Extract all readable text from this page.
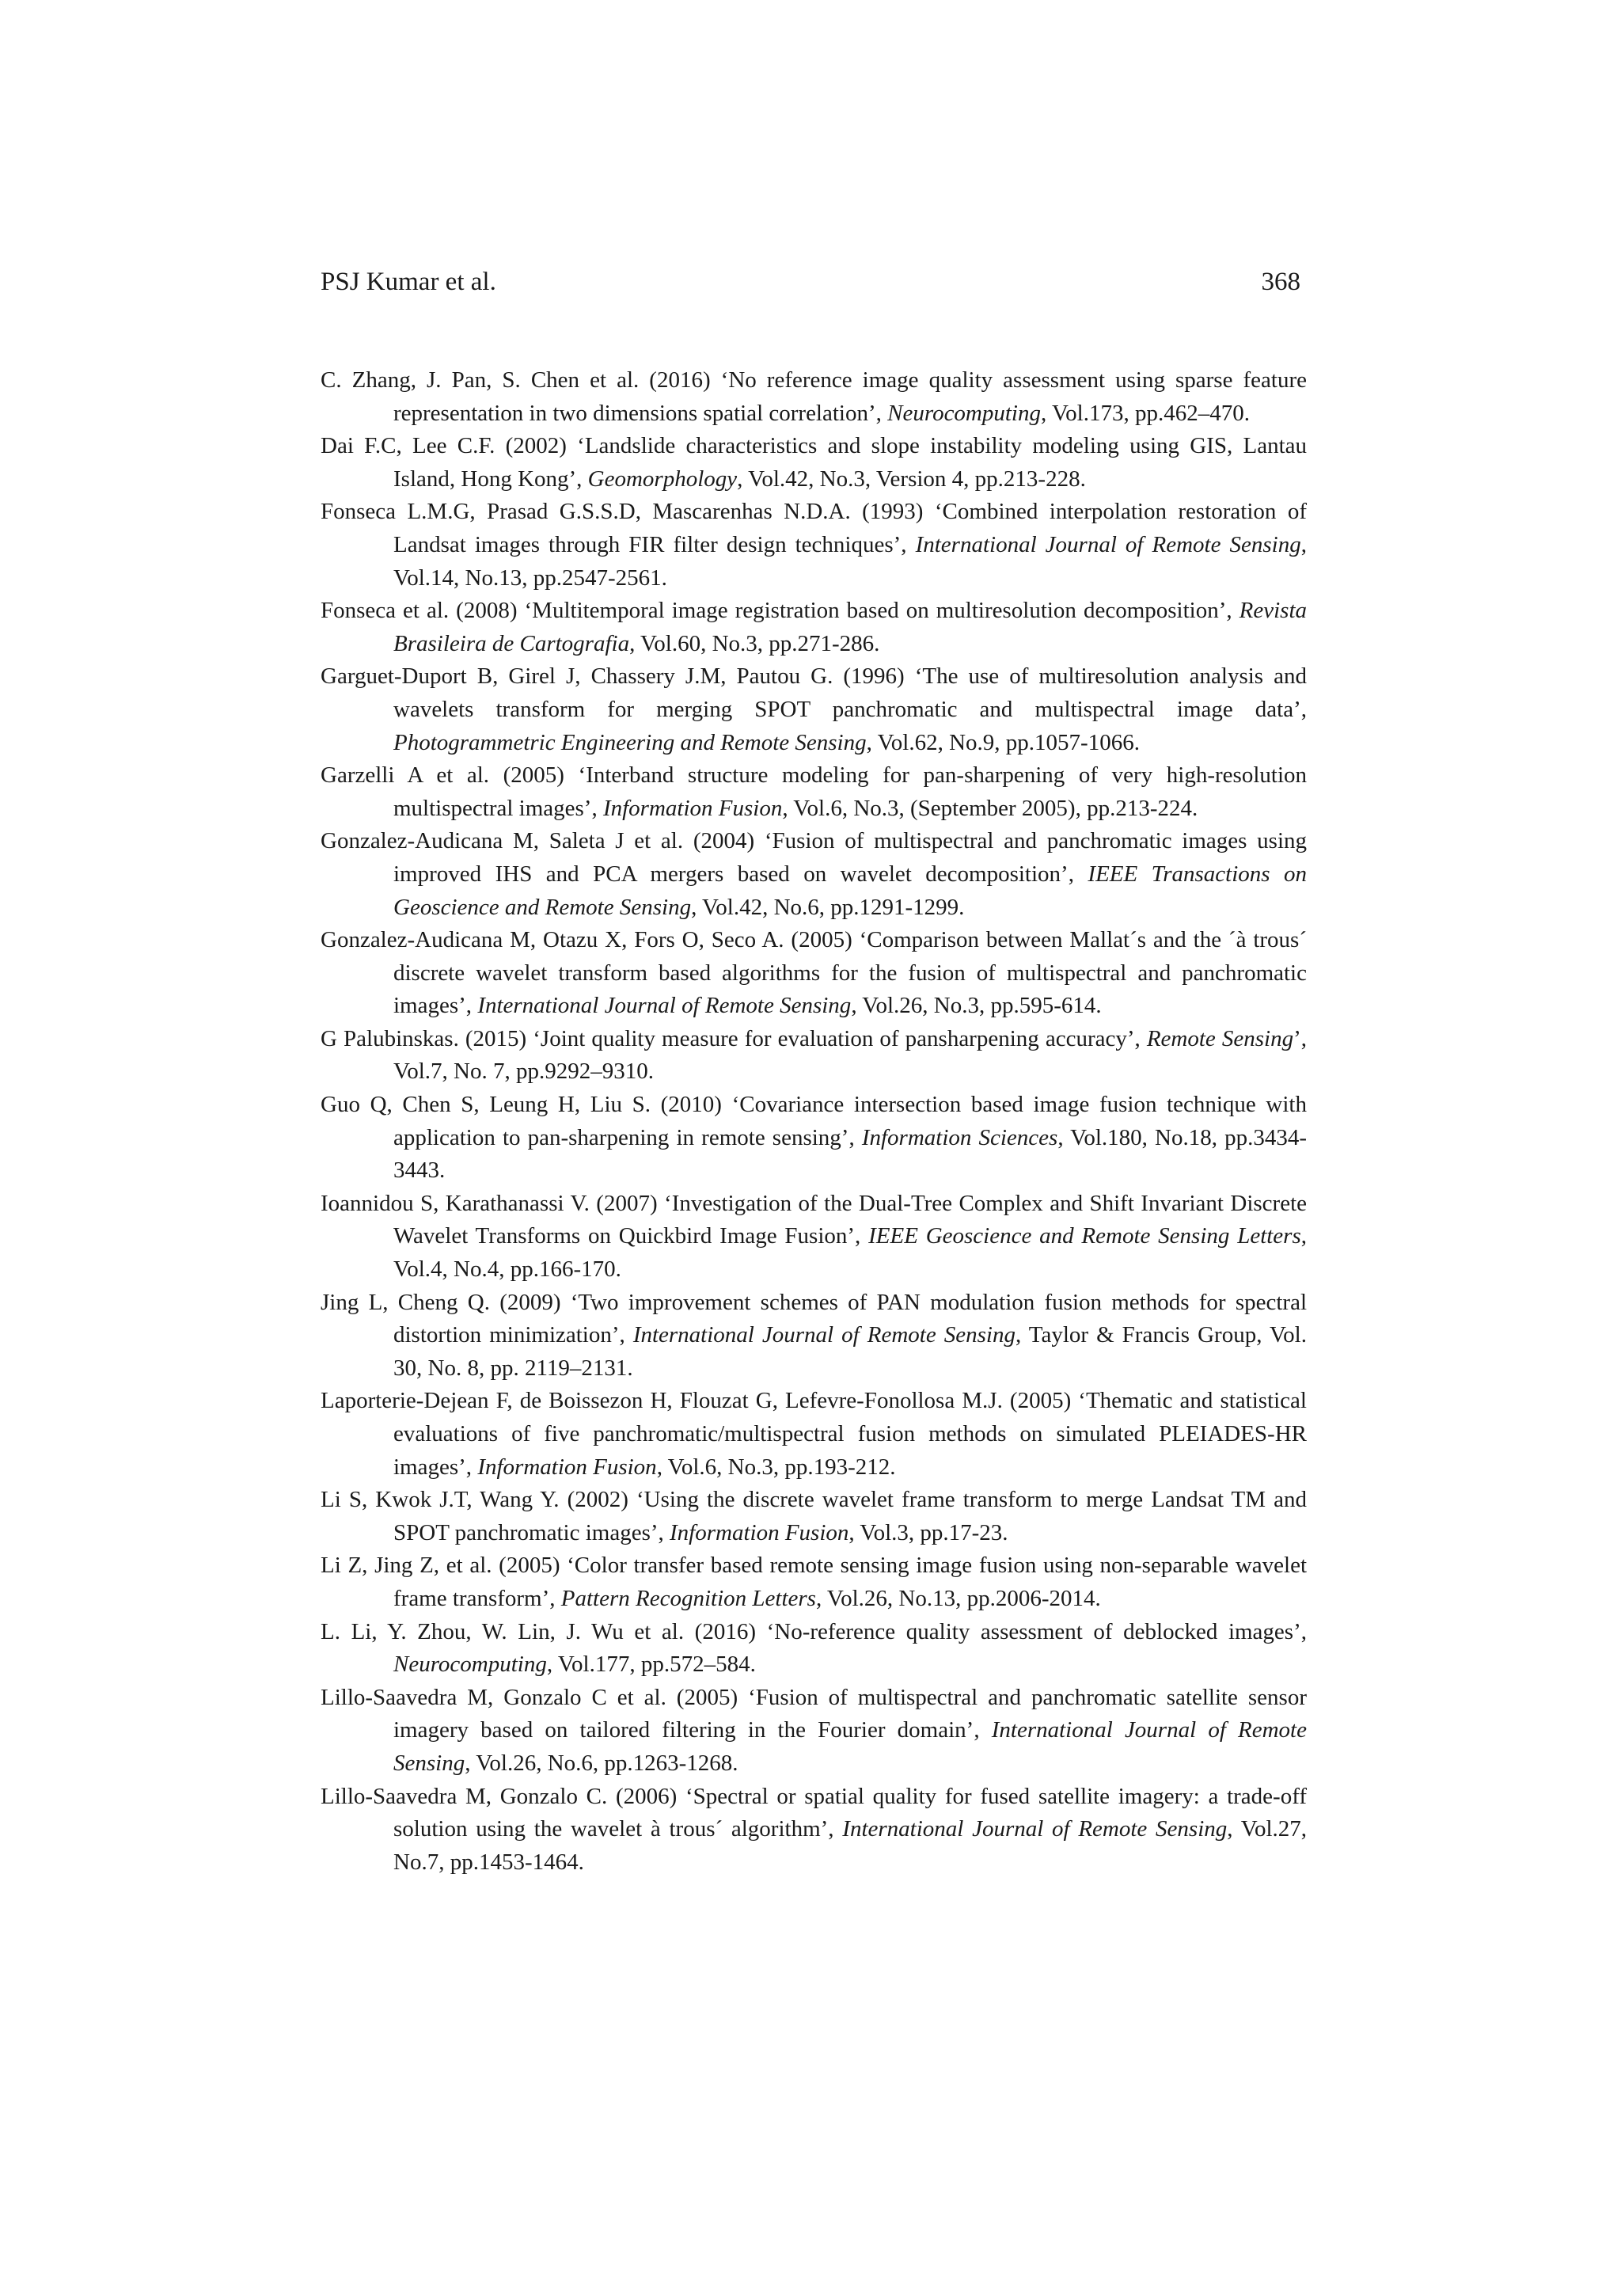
PSJ Kumar et al.	368
C. Zhang, J. Pan, S. Chen et al. (2016) ‘No reference image quality assessment using sparse feature representation in two dimensions spatial correlation’, Neurocomputing, Vol.173, pp.462–470.
Dai F.C, Lee C.F. (2002) ‘Landslide characteristics and slope instability modeling using GIS, Lantau Island, Hong Kong’, Geomorphology, Vol.42, No.3, Version 4, pp.213-228.
Fonseca L.M.G, Prasad G.S.S.D, Mascarenhas N.D.A. (1993) ‘Combined interpolation restoration of Landsat images through FIR filter design techniques’, International Journal of Remote Sensing, Vol.14, No.13, pp.2547-2561.
Fonseca et al. (2008) ‘Multitemporal image registration based on multiresolution decomposition’, Revista Brasileira de Cartografia, Vol.60, No.3, pp.271-286.
Garguet-Duport B, Girel J, Chassery J.M, Pautou G. (1996) ‘The use of multiresolution analysis and wavelets transform for merging SPOT panchromatic and multispectral image data’, Photogrammetric Engineering and Remote Sensing, Vol.62, No.9, pp.1057-1066.
Garzelli A et al. (2005) ‘Interband structure modeling for pan-sharpening of very high-resolution multispectral images’, Information Fusion, Vol.6, No.3, (September 2005), pp.213-224.
Gonzalez-Audicana M, Saleta J et al. (2004) ‘Fusion of multispectral and panchromatic images using improved IHS and PCA mergers based on wavelet decomposition’, IEEE Transactions on Geoscience and Remote Sensing, Vol.42, No.6, pp.1291-1299.
Gonzalez-Audicana M, Otazu X, Fors O, Seco A. (2005) ‘Comparison between Mallat´s and the ´à trous´ discrete wavelet transform based algorithms for the fusion of multispectral and panchromatic images’, International Journal of Remote Sensing, Vol.26, No.3, pp.595-614.
G Palubinskas. (2015) ‘Joint quality measure for evaluation of pansharpening accuracy’, Remote Sensing’, Vol.7, No. 7, pp.9292–9310.
Guo Q, Chen S, Leung H, Liu S. (2010) ‘Covariance intersection based image fusion technique with application to pan-sharpening in remote sensing’, Information Sciences, Vol.180, No.18, pp.3434-3443.
Ioannidou S, Karathanassi V. (2007) ‘Investigation of the Dual-Tree Complex and Shift Invariant Discrete Wavelet Transforms on Quickbird Image Fusion’, IEEE Geoscience and Remote Sensing Letters, Vol.4, No.4, pp.166-170.
Jing L, Cheng Q. (2009) ‘Two improvement schemes of PAN modulation fusion methods for spectral distortion minimization’, International Journal of Remote Sensing, Taylor & Francis Group, Vol. 30, No. 8, pp. 2119–2131.
Laporterie-Dejean F, de Boissezon H, Flouzat G, Lefevre-Fonollosa M.J. (2005) ‘Thematic and statistical evaluations of five panchromatic/multispectral fusion methods on simulated PLEIADES-HR images’, Information Fusion, Vol.6, No.3, pp.193-212.
Li S, Kwok J.T, Wang Y. (2002) ‘Using the discrete wavelet frame transform to merge Landsat TM and SPOT panchromatic images’, Information Fusion, Vol.3, pp.17-23.
Li Z, Jing Z, et al. (2005) ‘Color transfer based remote sensing image fusion using non-separable wavelet frame transform’, Pattern Recognition Letters, Vol.26, No.13, pp.2006-2014.
L. Li, Y. Zhou, W. Lin, J. Wu et al. (2016) ‘No-reference quality assessment of deblocked images’, Neurocomputing, Vol.177, pp.572–584.
Lillo-Saavedra M, Gonzalo C et al. (2005) ‘Fusion of multispectral and panchromatic satellite sensor imagery based on tailored filtering in the Fourier domain’, International Journal of Remote Sensing, Vol.26, No.6, pp.1263-1268.
Lillo-Saavedra M, Gonzalo C. (2006) ‘Spectral or spatial quality for fused satellite imagery: a trade-off solution using the wavelet à trous´ algorithm’, International Journal of Remote Sensing, Vol.27, No.7, pp.1453-1464.
